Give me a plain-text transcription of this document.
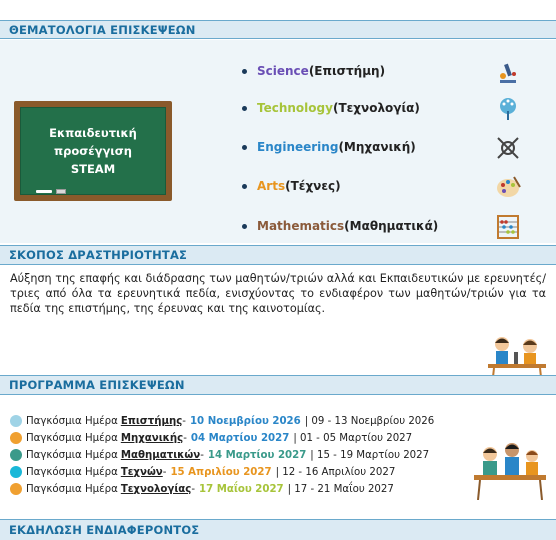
ΘΕΜΑΤΟΛΟΓΙΑ ΕΠΙΣΚΕΨΕΩΝ
Εκπαιδευτική
προσέγγιση
STEAM
Science (Επιστήμη)
Technology (Τεχνολογία)
Engineering (Μηχανική)
Arts (Τέχνες)
Mathematics (Μαθηματικά)
ΣΚΟΠΟΣ ΔΡΑΣΤΗΡΙΟΤΗΤΑΣ
Αύξηση της επαφής και διάδρασης των μαθητών/τριών αλλά και Εκπαιδευτικών με ερευνητές/τριες από όλα τα ερευνητικά πεδία, ενισχύοντας το ενδιαφέρον των μαθητών/τριών για τα πεδία της επιστήμης, της έρευνας και της καινοτομίας.
ΠΡΟΓΡΑΜΜΑ ΕΠΙΣΚΕΨΕΩΝ
Παγκόσμια Ημέρα Επιστήμης - 10 Νοεμβρίου 2026 | 09 - 13 Νοεμβρίου 2026
Παγκόσμια Ημέρα Μηχανικής - 04 Μαρτίου 2027 | 01 - 05 Μαρτίου 2027
Παγκόσμια Ημέρα Μαθηματικών - 14 Μαρτίου 2027 | 15 - 19 Μαρτίου 2027
Παγκόσμια Ημέρα Τεχνών - 15 Απριλίου 2027 | 12 - 16 Απριλίου 2027
Παγκόσμια Ημέρα Τεχνολογίας - 17 Μαΐου 2027 | 17 - 21 Μαΐου 2027
ΕΚΔΗΛΩΣΗ ΕΝΔΙΑΦΕΡΟΝΤΟΣ
